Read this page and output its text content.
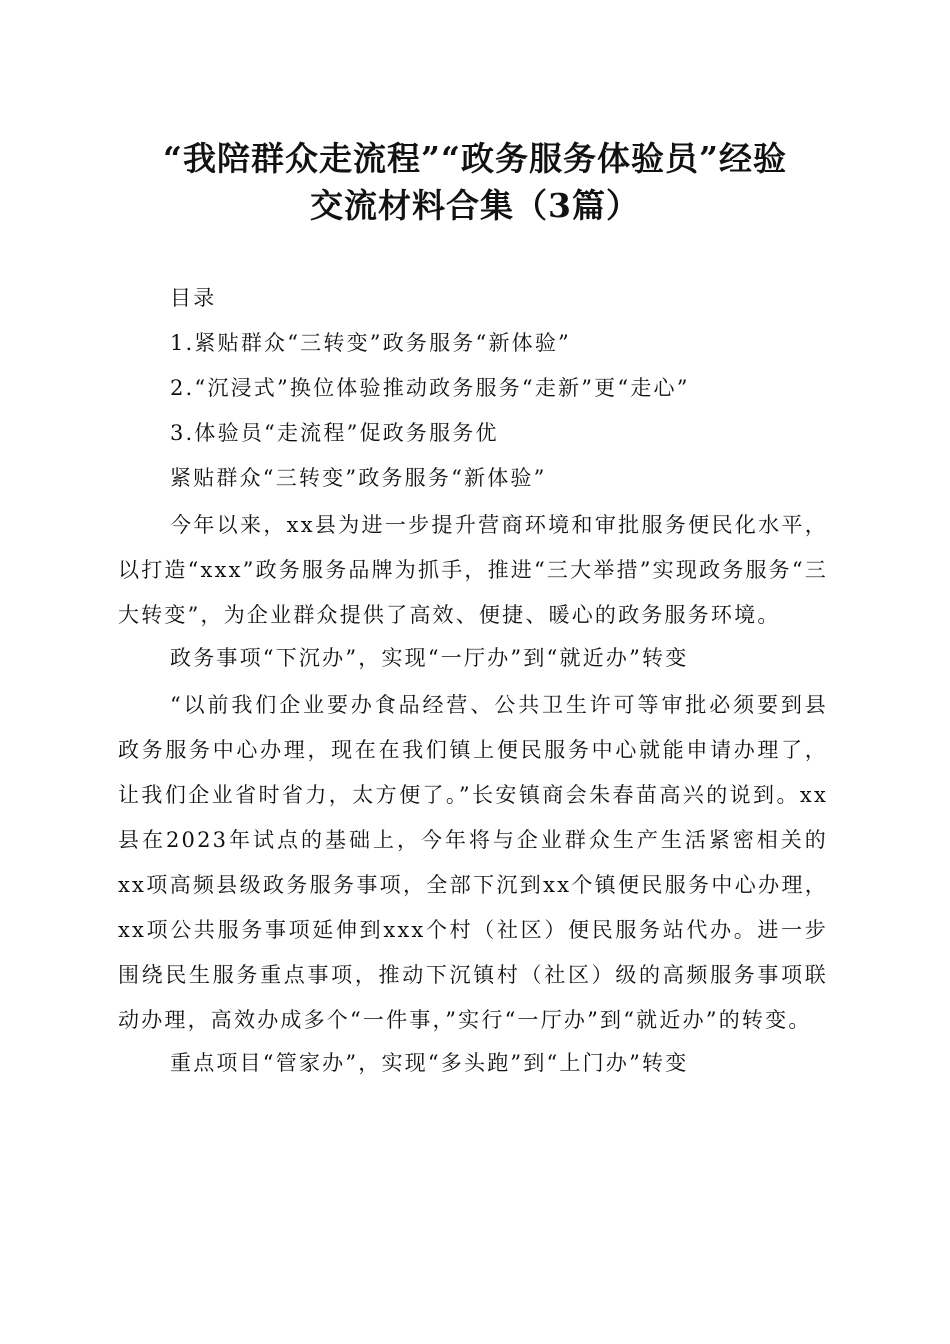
“我陪群众走流程”“政务服务体验员”经验
交流材料合集（3篇）
目录
1.紧贴群众“三转变”政务服务“新体验”
2.“沉浸式”换位体验推动政务服务“走新”更“走心”
3.体验员“走流程”促政务服务优
紧贴群众“三转变”政务服务“新体验”
今年以来，xx县为进一步提升营商环境和审批服务便民化水平，以打造“xxx”政务服务品牌为抓手，推进“三大举措”实现政务服务“三大转变”，为企业群众提供了高效、便捷、暖心的政务服务环境。
政务事项“下沉办”，实现“一厅办”到“就近办”转变
“以前我们企业要办食品经营、公共卫生许可等审批必须要到县政务服务中心办理，现在在我们镇上便民服务中心就能申请办理了，让我们企业省时省力，太方便了。”长安镇商会朱春苗高兴的说到。xx县在2023年试点的基础上，今年将与企业群众生产生活紧密相关的xx项高频县级政务服务事项，全部下沉到xx个镇便民服务中心办理，xx项公共服务事项延伸到xxx个村（社区）便民服务站代办。进一步围绕民生服务重点事项，推动下沉镇村（社区）级的高频服务事项联动办理，高效办成多个“一件事，”实行“一厅办”到“就近办”的转变。
重点项目“管家办”，实现“多头跑”到“上门办”转变
